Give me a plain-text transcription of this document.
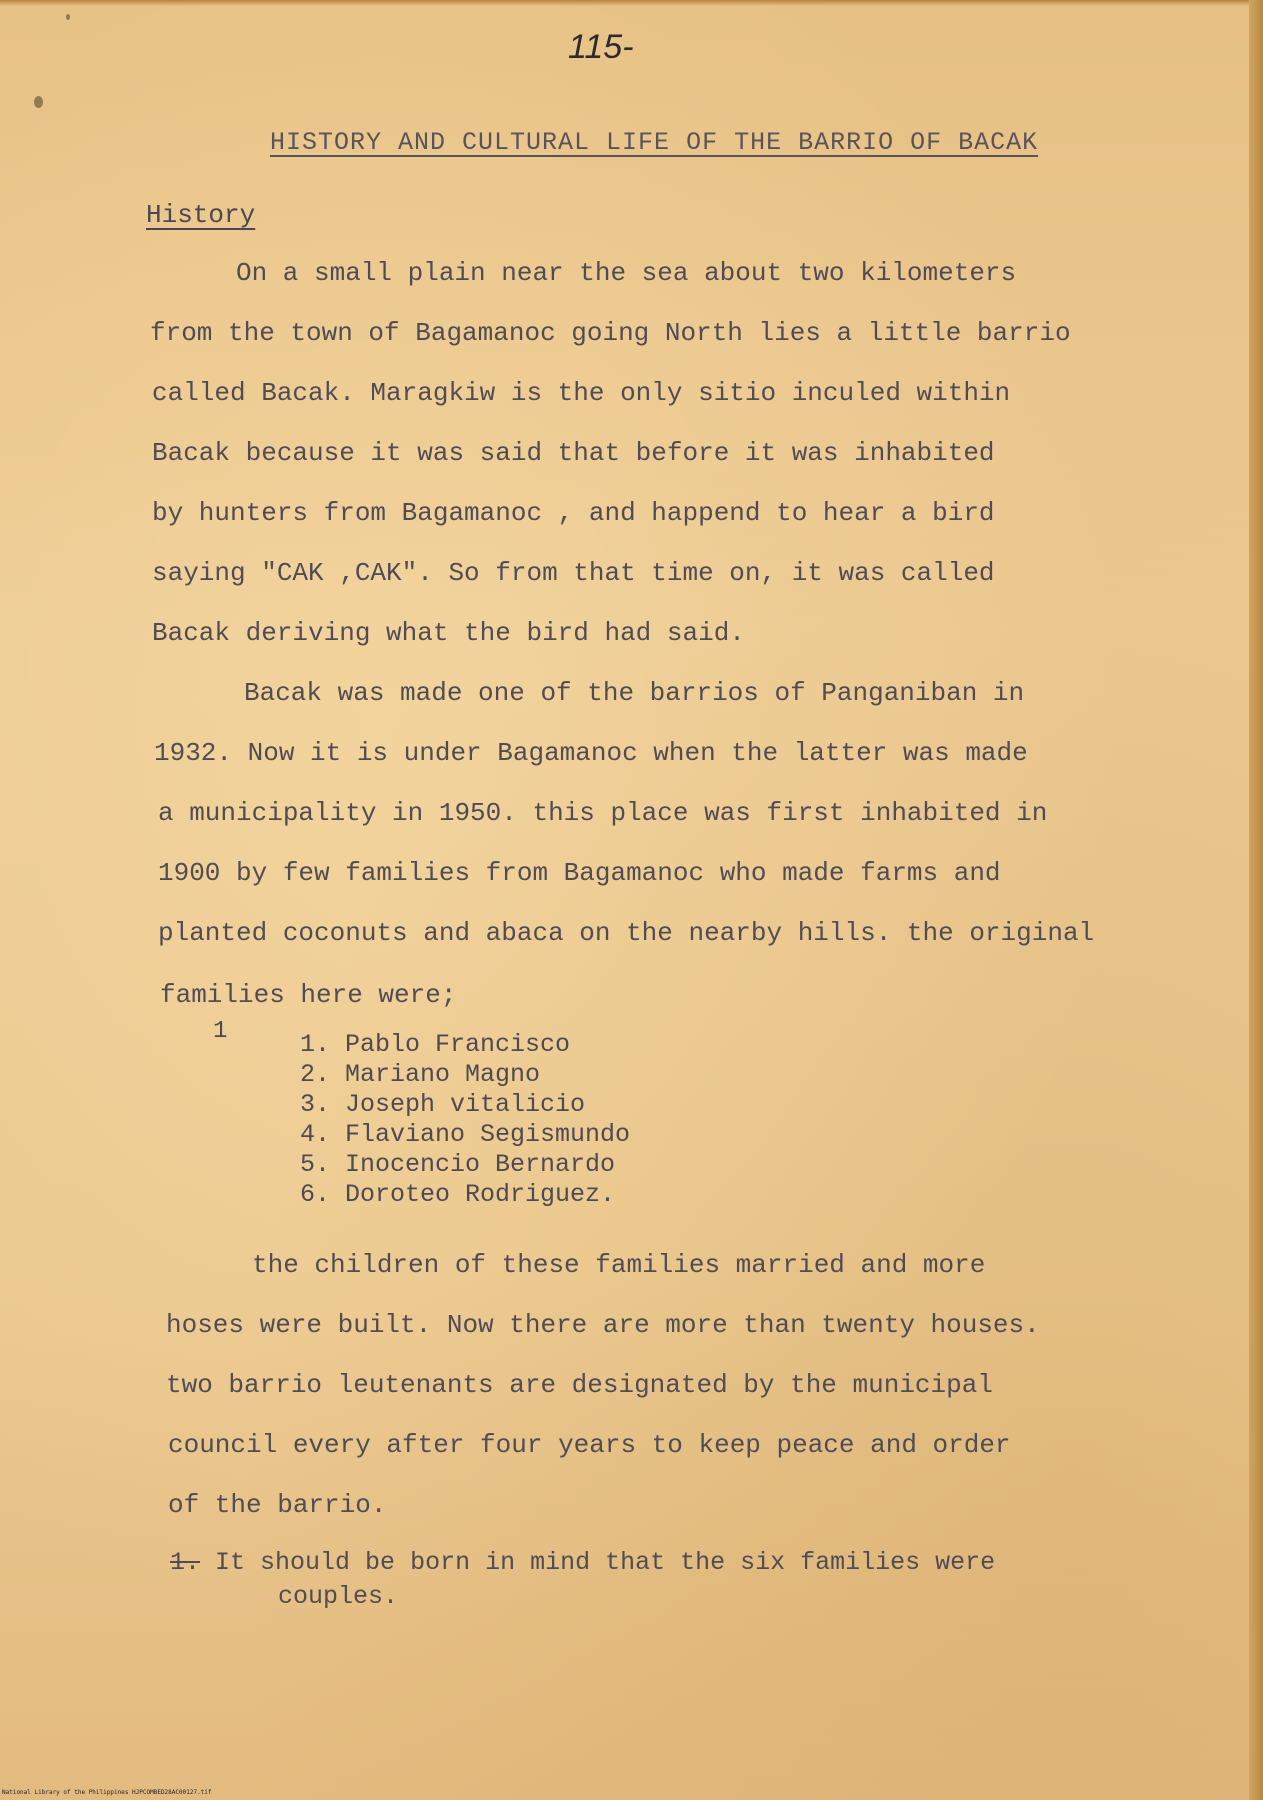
115-
HISTORY AND CULTURAL LIFE OF THE BARRIO OF BACAK
History
On a small plain near the sea about two kilometers
from the town of Bagamanoc going North lies a little barrio
called Bacak. Maragkiw is the only sitio inculed within
Bacak because it was said that before it was inhabited
by hunters from Bagamanoc , and happend to hear a bird
saying "CAK ,CAK". So from that time on, it was called
Bacak deriving what the bird had said.
Bacak was made one of the barrios of Panganiban in
1932. Now it is under Bagamanoc when the latter was made
a municipality in 1950. this place was first inhabited in
1900 by few families from Bagamanoc who made farms and
planted coconuts and abaca on the nearby hills. the original
families here were;
1	1. Pablo Francisco
2. Mariano Magno
3. Joseph vitalicio
4. Flaviano Segismundo
5. Inocencio Bernardo
6. Doroteo Rodriguez.
the children of these families married and more
hoses were built. Now there are more than twenty houses.
two barrio leutenants are designated by the municipal
council every after four years to keep peace and order
of the barrio.
1. It should be born in mind that the six families were
couples.
National Library of the Philippines HJPCOMBED28AC00127.tif
